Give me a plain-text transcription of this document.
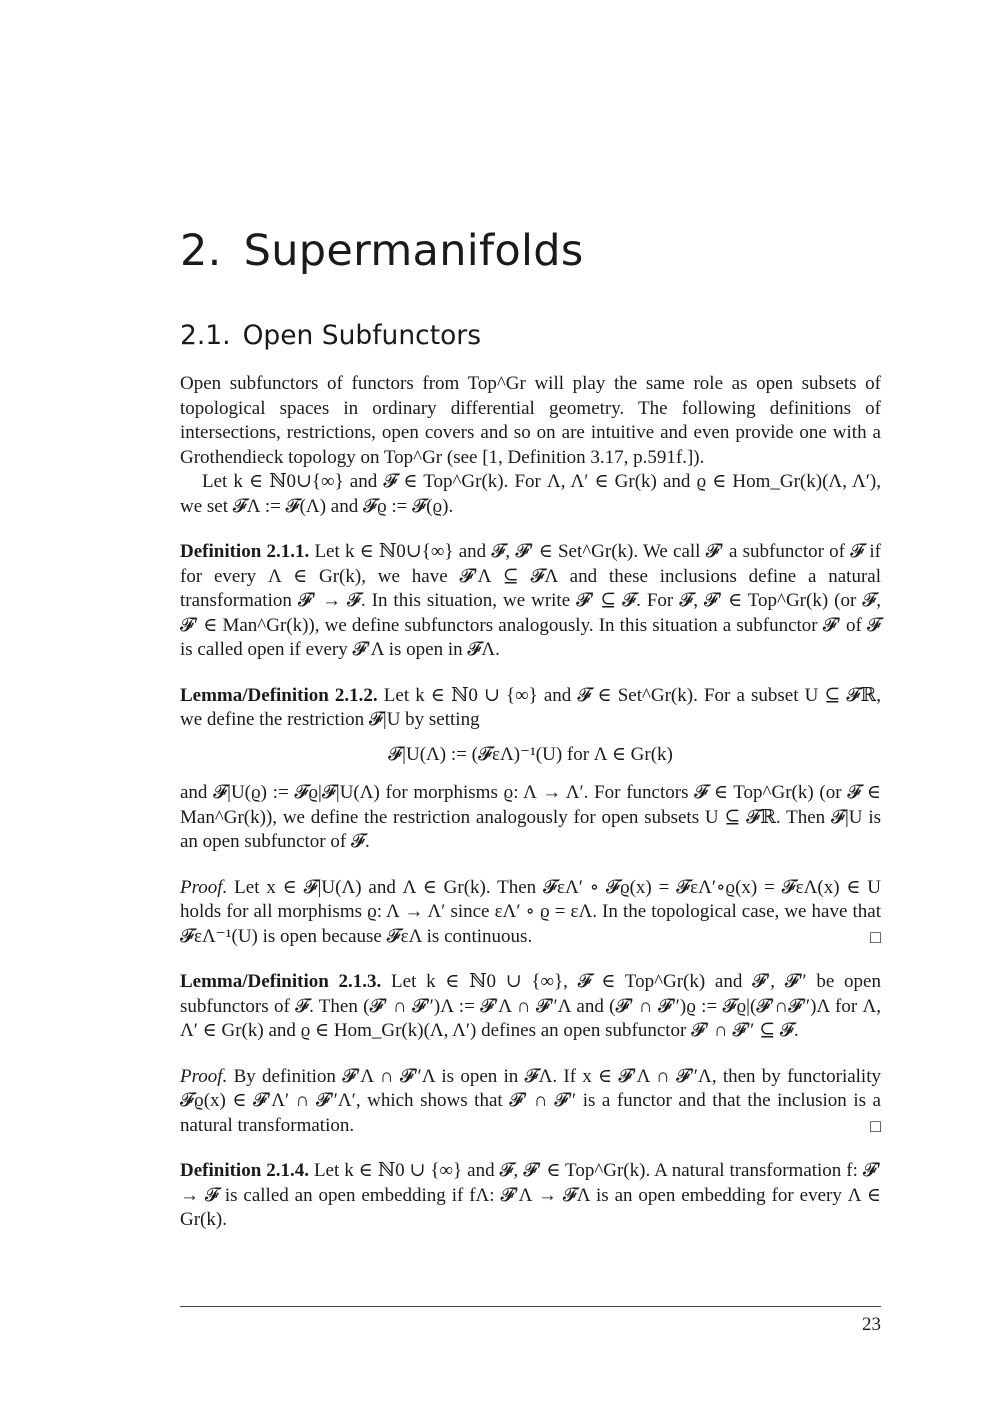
2. Supermanifolds
2.1. Open Subfunctors

Open subfunctors of functors from Top^Gr will play the same role as open subsets of topological spaces in ordinary differential geometry. The following definitions of intersections, restrictions, open covers and so on are intuitive and even provide one with a Grothendieck topology on Top^Gr (see [1, Definition 3.17, p.591f.]).

Let k ∈ ℕ0∪{∞} and 𝓕 ∈ Top^Gr(k). For Λ, Λ′ ∈ Gr(k) and ϱ ∈ Hom_Gr(k)(Λ, Λ′), we set 𝓕Λ := 𝓕(Λ) and 𝓕ϱ := 𝓕(ϱ).

Definition 2.1.1. Let k ∈ ℕ0∪{∞} and 𝓕, 𝓕′ ∈ Set^Gr(k). We call 𝓕′ a subfunctor of 𝓕 if for every Λ ∈ Gr(k), we have 𝓕′Λ ⊆ 𝓕Λ and these inclusions define a natural transformation 𝓕′ → 𝓕. In this situation, we write 𝓕′ ⊆ 𝓕. For 𝓕, 𝓕′ ∈ Top^Gr(k) (or 𝓕, 𝓕′ ∈ Man^Gr(k)), we define subfunctors analogously. In this situation a subfunctor 𝓕′ of 𝓕 is called open if every 𝓕′Λ is open in 𝓕Λ.

Lemma/Definition 2.1.2. Let k ∈ ℕ0 ∪ {∞} and 𝓕 ∈ Set^Gr(k). For a subset U ⊆ 𝓕ℝ, we define the restriction 𝓕|U by setting

𝓕|U(Λ) := (𝓕εΛ)⁻¹(U) for Λ ∈ Gr(k)

and 𝓕|U(ϱ) := 𝓕ϱ|𝓕|U(Λ) for morphisms ϱ: Λ → Λ′. For functors 𝓕 ∈ Top^Gr(k) (or 𝓕 ∈ Man^Gr(k)), we define the restriction analogously for open subsets U ⊆ 𝓕ℝ. Then 𝓕|U is an open subfunctor of 𝓕.

Proof. Let x ∈ 𝓕|U(Λ) and Λ ∈ Gr(k). Then 𝓕εΛ′ ∘ 𝓕ϱ(x) = 𝓕εΛ′∘ϱ(x) = 𝓕εΛ(x) ∈ U holds for all morphisms ϱ: Λ → Λ′ since εΛ′ ∘ ϱ = εΛ. In the topological case, we have that 𝓕εΛ⁻¹(U) is open because 𝓕εΛ is continuous.	□

Lemma/Definition 2.1.3. Let k ∈ ℕ0 ∪ {∞}, 𝓕 ∈ Top^Gr(k) and 𝓕′, 𝓕″ be open subfunctors of 𝓕. Then (𝓕′ ∩ 𝓕″)Λ := 𝓕′Λ ∩ 𝓕″Λ and (𝓕′ ∩ 𝓕″)ϱ := 𝓕ϱ|(𝓕′∩𝓕″)Λ for Λ, Λ′ ∈ Gr(k) and ϱ ∈ Hom_Gr(k)(Λ, Λ′) defines an open subfunctor 𝓕′ ∩ 𝓕″ ⊆ 𝓕.

Proof. By definition 𝓕′Λ ∩ 𝓕″Λ is open in 𝓕Λ. If x ∈ 𝓕′Λ ∩ 𝓕″Λ, then by functoriality 𝓕ϱ(x) ∈ 𝓕′Λ′ ∩ 𝓕″Λ′, which shows that 𝓕′ ∩ 𝓕″ is a functor and that the inclusion is a natural transformation.	□

Definition 2.1.4. Let k ∈ ℕ0 ∪ {∞} and 𝓕, 𝓕′ ∈ Top^Gr(k). A natural transformation f: 𝓕′ → 𝓕 is called an open embedding if fΛ: 𝓕′Λ → 𝓕Λ is an open embedding for every Λ ∈ Gr(k).

23
